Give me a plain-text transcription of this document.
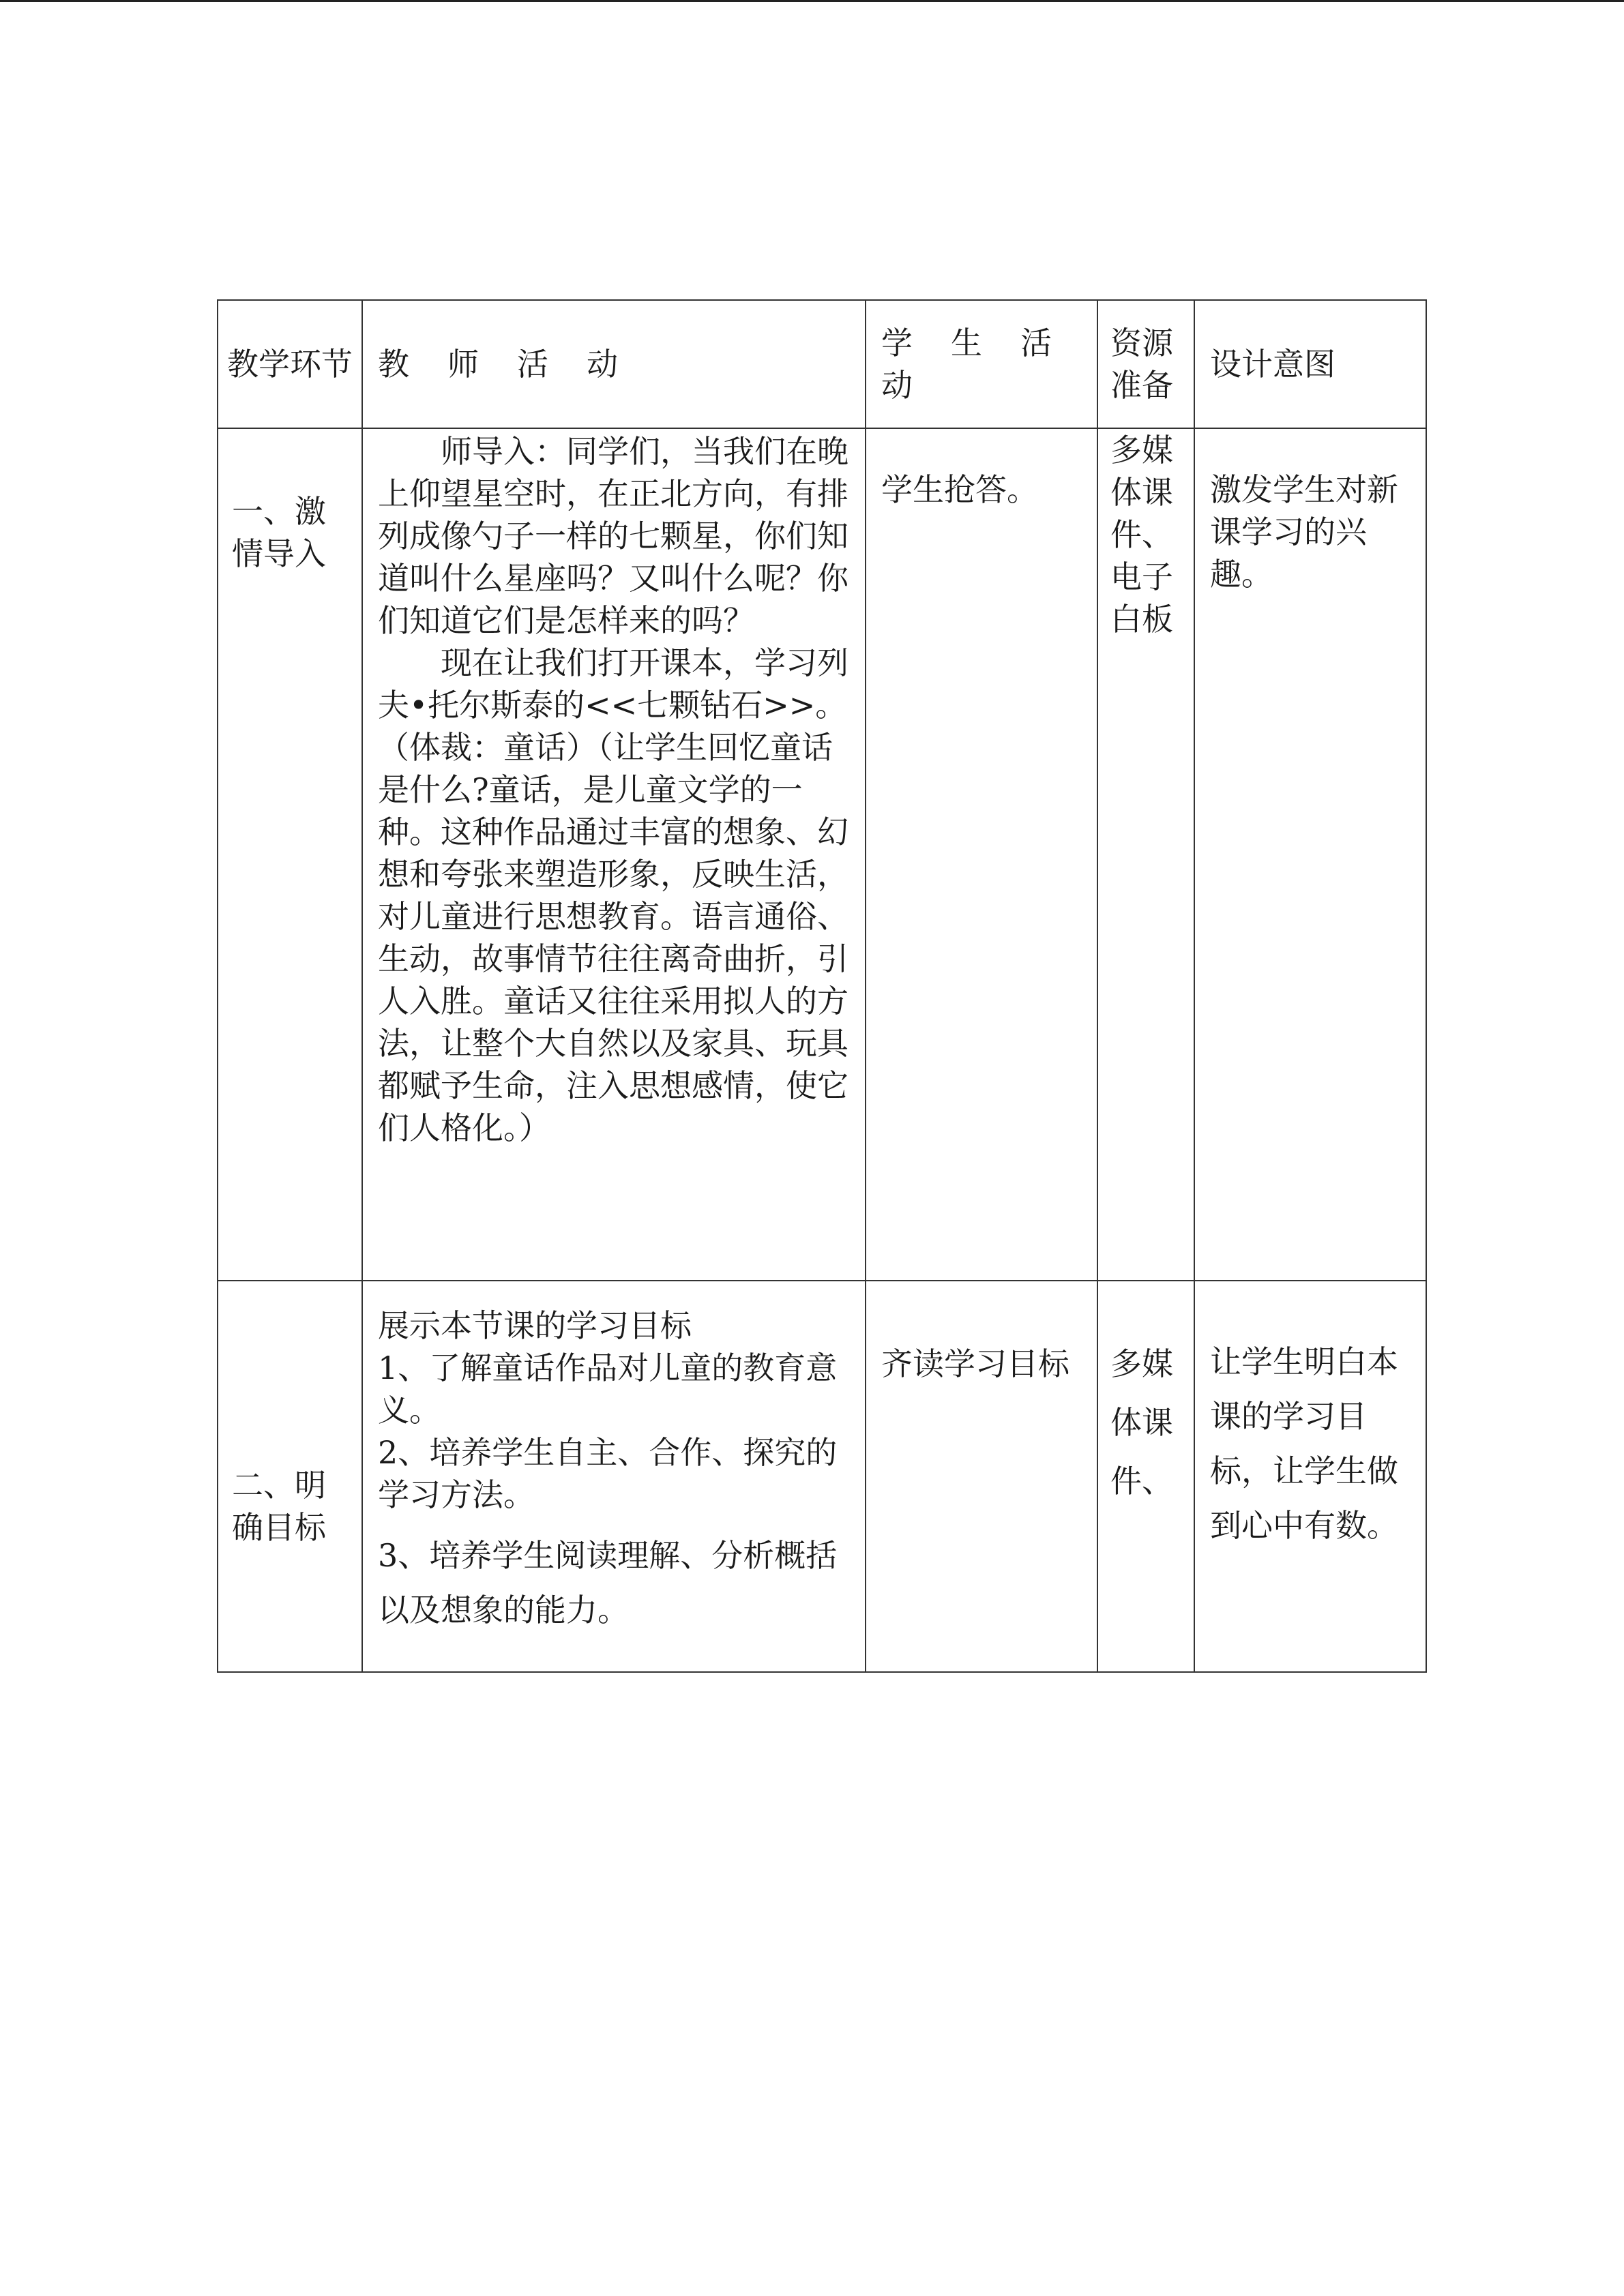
教学环节	教 师 活 动	学 生 活 动	资源准备	设计意图

一、激情导入	师导入：同学们，当我们在晚上仰望星空时，在正北方向，有排列成像勺子一样的七颗星，你们知道叫什么星座吗？又叫什么呢？你们知道它们是怎样来的吗？

现在让我们打开课本，学习列夫•托尔斯泰的<<七颗钻石>>。（体裁：童话）（让学生回忆童话是什么?童话，是儿童文学的一种。这种作品通过丰富的想象、幻想和夸张来塑造形象，反映生活，对儿童进行思想教育。语言通俗、生动，故事情节往往离奇曲折，引人入胜。童话又往往采用拟人的方法，让整个大自然以及家具、玩具都赋予生命，注入思想感情，使它们人格化。）	学生抢答。	多媒体课件、电子白板	激发学生对新课学习的兴趣。

二、明确目标	展示本节课的学习目标
1、了解童话作品对儿童的教育意义。
2、培养学生自主、合作、探究的学习方法。
3、培养学生阅读理解、分析概括以及想象的能力。	齐读学习目标	多媒体课件、	让学生明白本课的学习目标，让学生做到心中有数。
